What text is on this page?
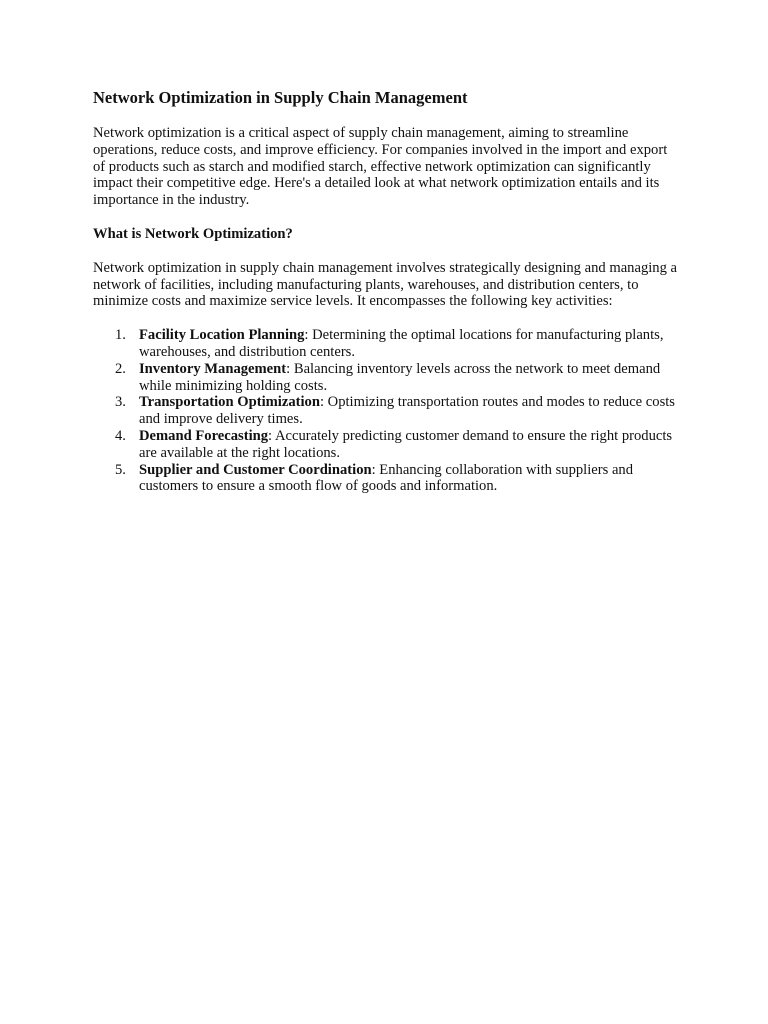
Network Optimization in Supply Chain Management

Network optimization is a critical aspect of supply chain management, aiming to streamline operations, reduce costs, and improve efficiency. For companies involved in the import and export of products such as starch and modified starch, effective network optimization can significantly impact their competitive edge. Here's a detailed look at what network optimization entails and its importance in the industry.

What is Network Optimization?

Network optimization in supply chain management involves strategically designing and managing a network of facilities, including manufacturing plants, warehouses, and distribution centers, to minimize costs and maximize service levels. It encompasses the following key activities:

1. Facility Location Planning: Determining the optimal locations for manufacturing plants, warehouses, and distribution centers.
2. Inventory Management: Balancing inventory levels across the network to meet demand while minimizing holding costs.
3. Transportation Optimization: Optimizing transportation routes and modes to reduce costs and improve delivery times.
4. Demand Forecasting: Accurately predicting customer demand to ensure the right products are available at the right locations.
5. Supplier and Customer Coordination: Enhancing collaboration with suppliers and customers to ensure a smooth flow of goods and information.
